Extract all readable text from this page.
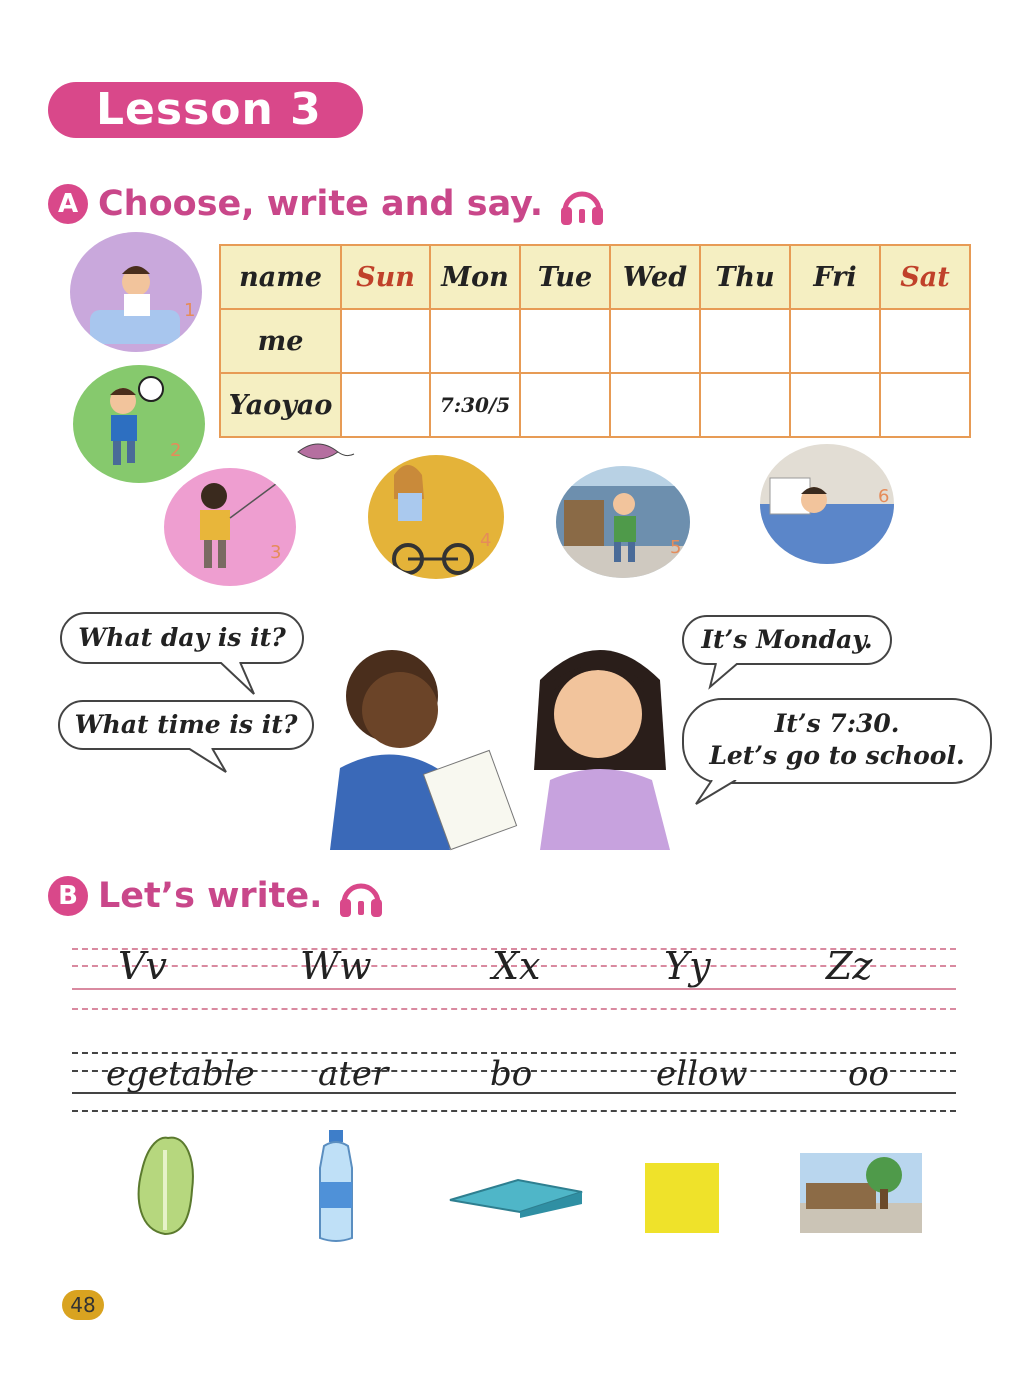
Lesson 3
A Choose, write and say.
name	Sun	Mon	Tue	Wed	Thu	Fri	Sat
me							
Yaoyao		7:30/5					
1
2
3
4	5
6
What day is it?
What time is it?
It’s Monday.
It’s 7:30.
Let’s go to school.
B Let’s write.
Vv	Ww	Xx	Yy	Zz
egetable ater	bo	ellow	oo
48
